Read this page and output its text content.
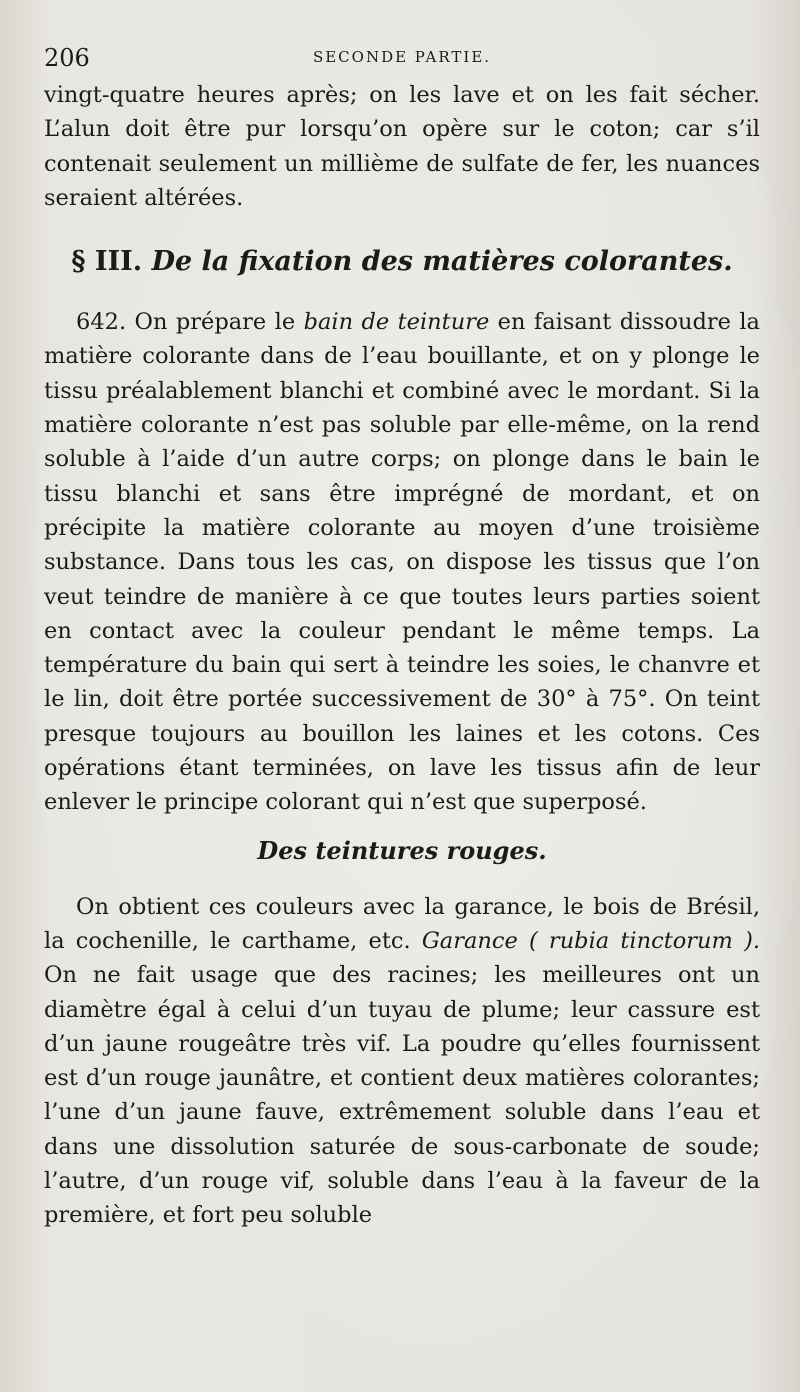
206	SECONDE PARTIE.

vingt-quatre heures après; on les lave et on les fait sécher. L’alun doit être pur lorsqu’on opère sur le coton; car s’il contenait seulement un millième de sulfate de fer, les nuances seraient altérées.

§ III. De la fixation des matières colorantes.

642. On prépare le bain de teinture en faisant dissoudre la matière colorante dans de l’eau bouillante, et on y plonge le tissu préalablement blanchi et combiné avec le mordant. Si la matière colorante n’est pas soluble par elle-même, on la rend soluble à l’aide d’un autre corps; on plonge dans le bain le tissu blanchi et sans être imprégné de mordant, et on précipite la matière colorante au moyen d’une troisième substance. Dans tous les cas, on dispose les tissus que l’on veut teindre de manière à ce que toutes leurs parties soient en contact avec la couleur pendant le même temps. La température du bain qui sert à teindre les soies, le chanvre et le lin, doit être portée successivement de 30° à 75°. On teint presque toujours au bouillon les laines et les cotons. Ces opérations étant terminées, on lave les tissus afin de leur enlever le principe colorant qui n’est que superposé.

Des teintures rouges.

On obtient ces couleurs avec la garance, le bois de Brésil, la cochenille, le carthame, etc. Garance ( rubia tinctorum ). On ne fait usage que des racines; les meilleures ont un diamètre égal à celui d’un tuyau de plume; leur cassure est d’un jaune rougeâtre très vif. La poudre qu’elles fournissent est d’un rouge jaunâtre, et contient deux matières colorantes; l’une d’un jaune fauve, extrêmement soluble dans l’eau et dans une dissolution saturée de sous-carbonate de soude; l’autre, d’un rouge vif, soluble dans l’eau à la faveur de la première, et fort peu soluble
